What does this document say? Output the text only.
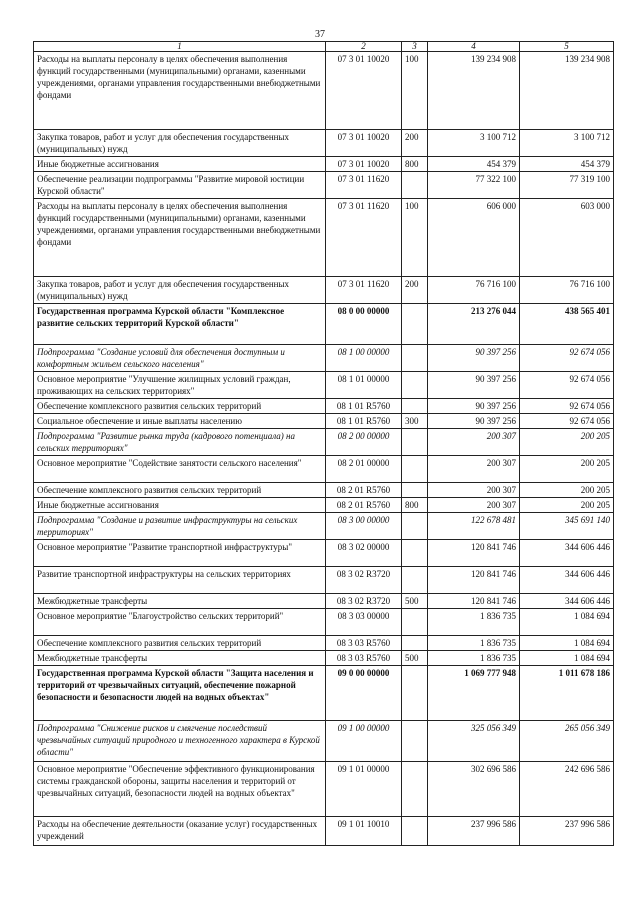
37
1	2	3	4	5
Расходы на выплаты персоналу в целях обеспечения выполнения функций государственными (муниципальными) органами, казенными учреждениями, органами управления государственными внебюджетными фондами	07 3 01 10020	100	139 234 908	139 234 908
Закупка товаров, работ и услуг для обеспечения государственных (муниципальных) нужд	07 3 01 10020	200	3 100 712	3 100 712
Иные бюджетные ассигнования	07 3 01 10020	800	454 379	454 379
Обеспечение реализации подпрограммы "Развитие мировой юстиции Курской области"	07 3 01 11620		77 322 100	77 319 100
Расходы на выплаты персоналу в целях обеспечения выполнения функций государственными (муниципальными) органами, казенными учреждениями, органами управления государственными внебюджетными фондами	07 3 01 11620	100	606 000	603 000
Закупка товаров, работ и услуг для обеспечения государственных (муниципальных) нужд	07 3 01 11620	200	76 716 100	76 716 100
Государственная программа Курской области "Комплексное развитие сельских территорий Курской области"	08 0 00 00000		213 276 044	438 565 401
Подпрограмма "Создание условий для обеспечения доступным и комфортным жильем сельского населения"	08 1 00 00000		90 397 256	92 674 056
Основное мероприятие "Улучшение жилищных условий граждан, проживающих на сельских территориях"	08 1 01 00000		90 397 256	92 674 056
Обеспечение комплексного развития сельских территорий	08 1 01 R5760		90 397 256	92 674 056
Социальное обеспечение и иные выплаты населению	08 1 01 R5760	300	90 397 256	92 674 056
Подпрограмма "Развитие рынка труда (кадрового потенциала) на сельских территориях"	08 2 00 00000		200 307	200 205
Основное мероприятие "Содействие занятости сельского населения"	08 2 01 00000		200 307	200 205
Обеспечение комплексного развития сельских территорий	08 2 01 R5760		200 307	200 205
Иные бюджетные ассигнования	08 2 01 R5760	800	200 307	200 205
Подпрограмма "Создание и развитие инфраструктуры на сельских территориях"	08 3 00 00000		122 678 481	345 691 140
Основное мероприятие "Развитие транспортной инфраструктуры"	08 3 02 00000		120 841 746	344 606 446
Развитие транспортной инфраструктуры на сельских территориях	08 3 02 R3720		120 841 746	344 606 446
Межбюджетные трансферты	08 3 02 R3720	500	120 841 746	344 606 446
Основное мероприятие "Благоустройство сельских территорий"	08 3 03 00000		1 836 735	1 084 694
Обеспечение комплексного развития сельских территорий	08 3 03 R5760		1 836 735	1 084 694
Межбюджетные трансферты	08 3 03 R5760	500	1 836 735	1 084 694
Государственная программа Курской области "Защита населения и территорий от чрезвычайных ситуаций, обеспечение пожарной безопасности и безопасности людей на водных объектах"	09 0 00 00000		1 069 777 948	1 011 678 186
Подпрограмма "Снижение рисков и смягчение последствий чрезвычайных ситуаций природного и техногенного характера в Курской области"	09 1 00 00000		325 056 349	265 056 349
Основное мероприятие "Обеспечение эффективного функционирования системы гражданской обороны, защиты населения и территорий от чрезвычайных ситуаций, безопасности людей на водных объектах"	09 1 01 00000		302 696 586	242 696 586
Расходы на обеспечение деятельности (оказание услуг) государственных учреждений	09 1 01 10010		237 996 586	237 996 586
